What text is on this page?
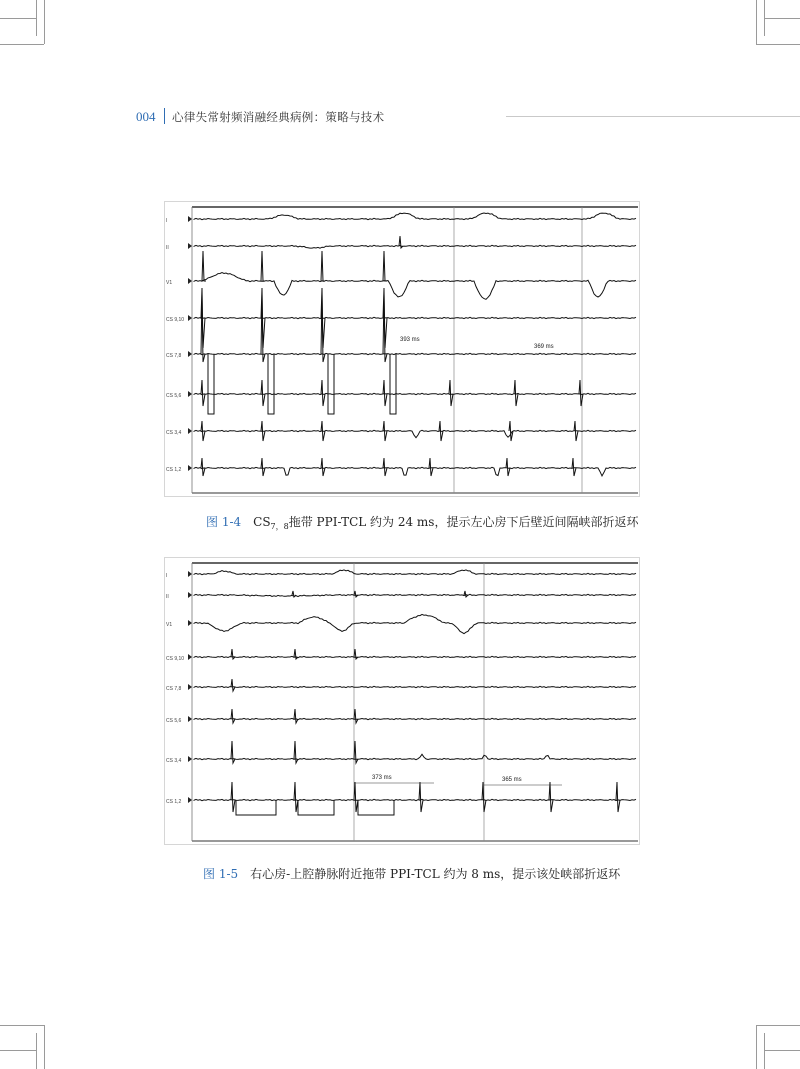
004 心律失常射频消融经典病例：策略与技术
I
II
V1
CS 9,10
CS 7,8
CS 5,6
CS 3,4
CS 1,2
393 ms
369 ms
图 1-4 $CS_{7,8}$拖带 PPI-TCL 约为 24 ms，提示左心房下后壁近间隔峡部折返环
I
II
V1
CS 9,10
CS 7,8
CS 5,6
CS 3,4
CS 1,2
373 ms	365 ms
图 1-5 右心房-上腔静脉附近拖带 PPI-TCL 约为 8 ms，提示该处峡部折返环
